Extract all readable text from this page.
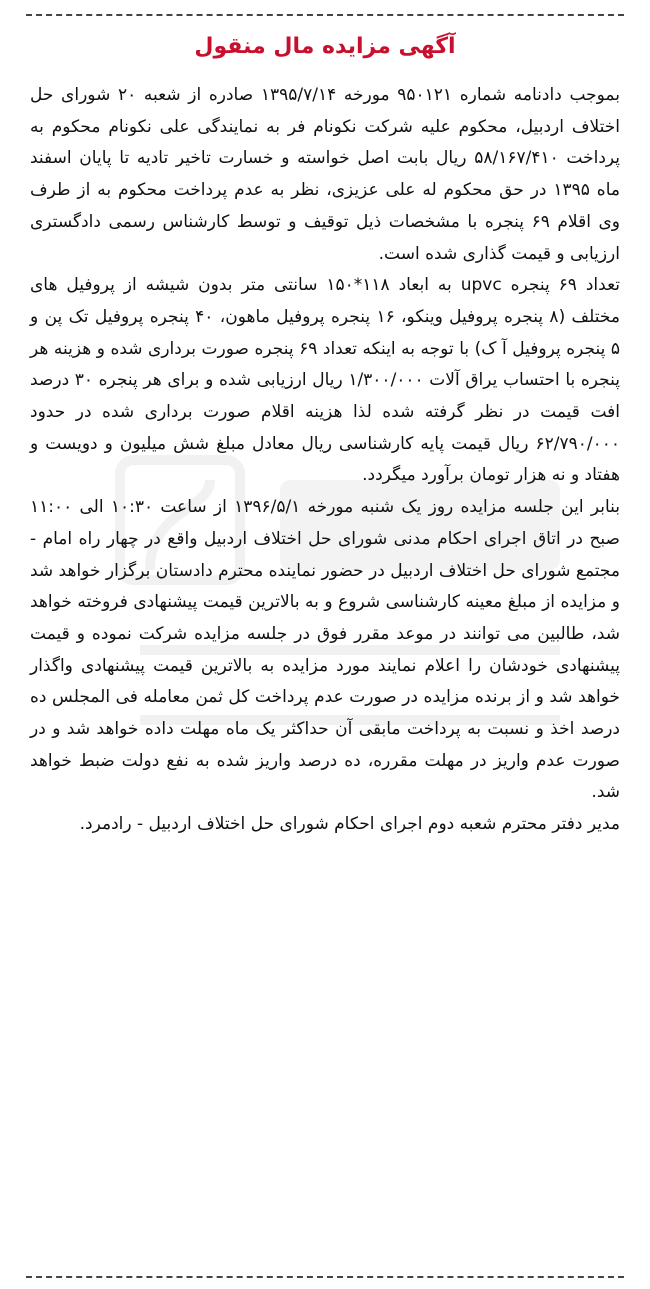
آگهی مزایده مال منقول

بموجب دادنامه شماره ۹۵۰۱۲۱ مورخه ۱۳۹۵/۷/۱۴ صادره از شعبه ۲۰ شورای حل اختلاف اردبیل، محکوم علیه شرکت نکونام فر به نمایندگی علی نکونام محکوم به پرداخت ۵۸/۱۶۷/۴۱۰ ریال بابت اصل خواسته و خسارت تاخیر تادیه تا پایان اسفند ماه ۱۳۹۵ در حق محکوم له علی عزیزی، نظر به عدم پرداخت محکوم به از طرف وی اقلام ۶۹ پنجره با مشخصات ذیل توقیف و توسط کارشناس رسمی دادگستری ارزیابی و قیمت گذاری شده است.

تعداد ۶۹ پنجره upvc به ابعاد ۱۱۸*۱۵۰ سانتی متر بدون شیشه از پروفیل های مختلف (۸ پنجره پروفیل وینکو، ۱۶ پنجره پروفیل ماهون، ۴۰ پنجره پروفیل تک پن و ۵ پنجره پروفیل آ ک) با توجه به اینکه تعداد ۶۹ پنجره صورت برداری شده و هزینه هر پنجره با احتساب یراق آلات ۱/۳۰۰/۰۰۰ ریال ارزیابی شده و برای هر پنجره ۳۰ درصد افت قیمت در نظر گرفته شده لذا هزینه اقلام صورت برداری شده در حدود ۶۲/۷۹۰/۰۰۰ ریال قیمت پایه کارشناسی ریال معادل مبلغ شش میلیون و دویست و هفتاد و نه هزار تومان برآورد میگردد.

بنابر این جلسه مزایده روز یک شنبه مورخه ۱۳۹۶/۵/۱ از ساعت ۱۰:۳۰ الی ۱۱:۰۰ صبح در اتاق اجرای احکام مدنی شورای حل اختلاف اردبیل واقع در چهار راه امام - مجتمع شورای حل اختلاف اردبیل در حضور نماینده محترم دادستان برگزار خواهد شد و مزایده از مبلغ معینه کارشناسی شروع و به بالاترین قیمت پیشنهادی فروخته خواهد شد، طالبین می توانند در موعد مقرر فوق در جلسه مزایده شرکت نموده و قیمت پیشنهادی خودشان را اعلام نمایند مورد مزایده به بالاترین قیمت پیشنهادی واگذار خواهد شد و از برنده مزایده در صورت عدم پرداخت کل ثمن معامله فی المجلس ده درصد اخذ و نسبت به پرداخت مابقی آن حداکثر یک ماه مهلت داده خواهد شد و در صورت عدم واریز در مهلت مقرره، ده درصد واریز شده به نفع دولت ضبط خواهد شد.

مدیر دفتر محترم شعبه دوم اجرای احکام شورای حل اختلاف اردبیل - رادمرد.
